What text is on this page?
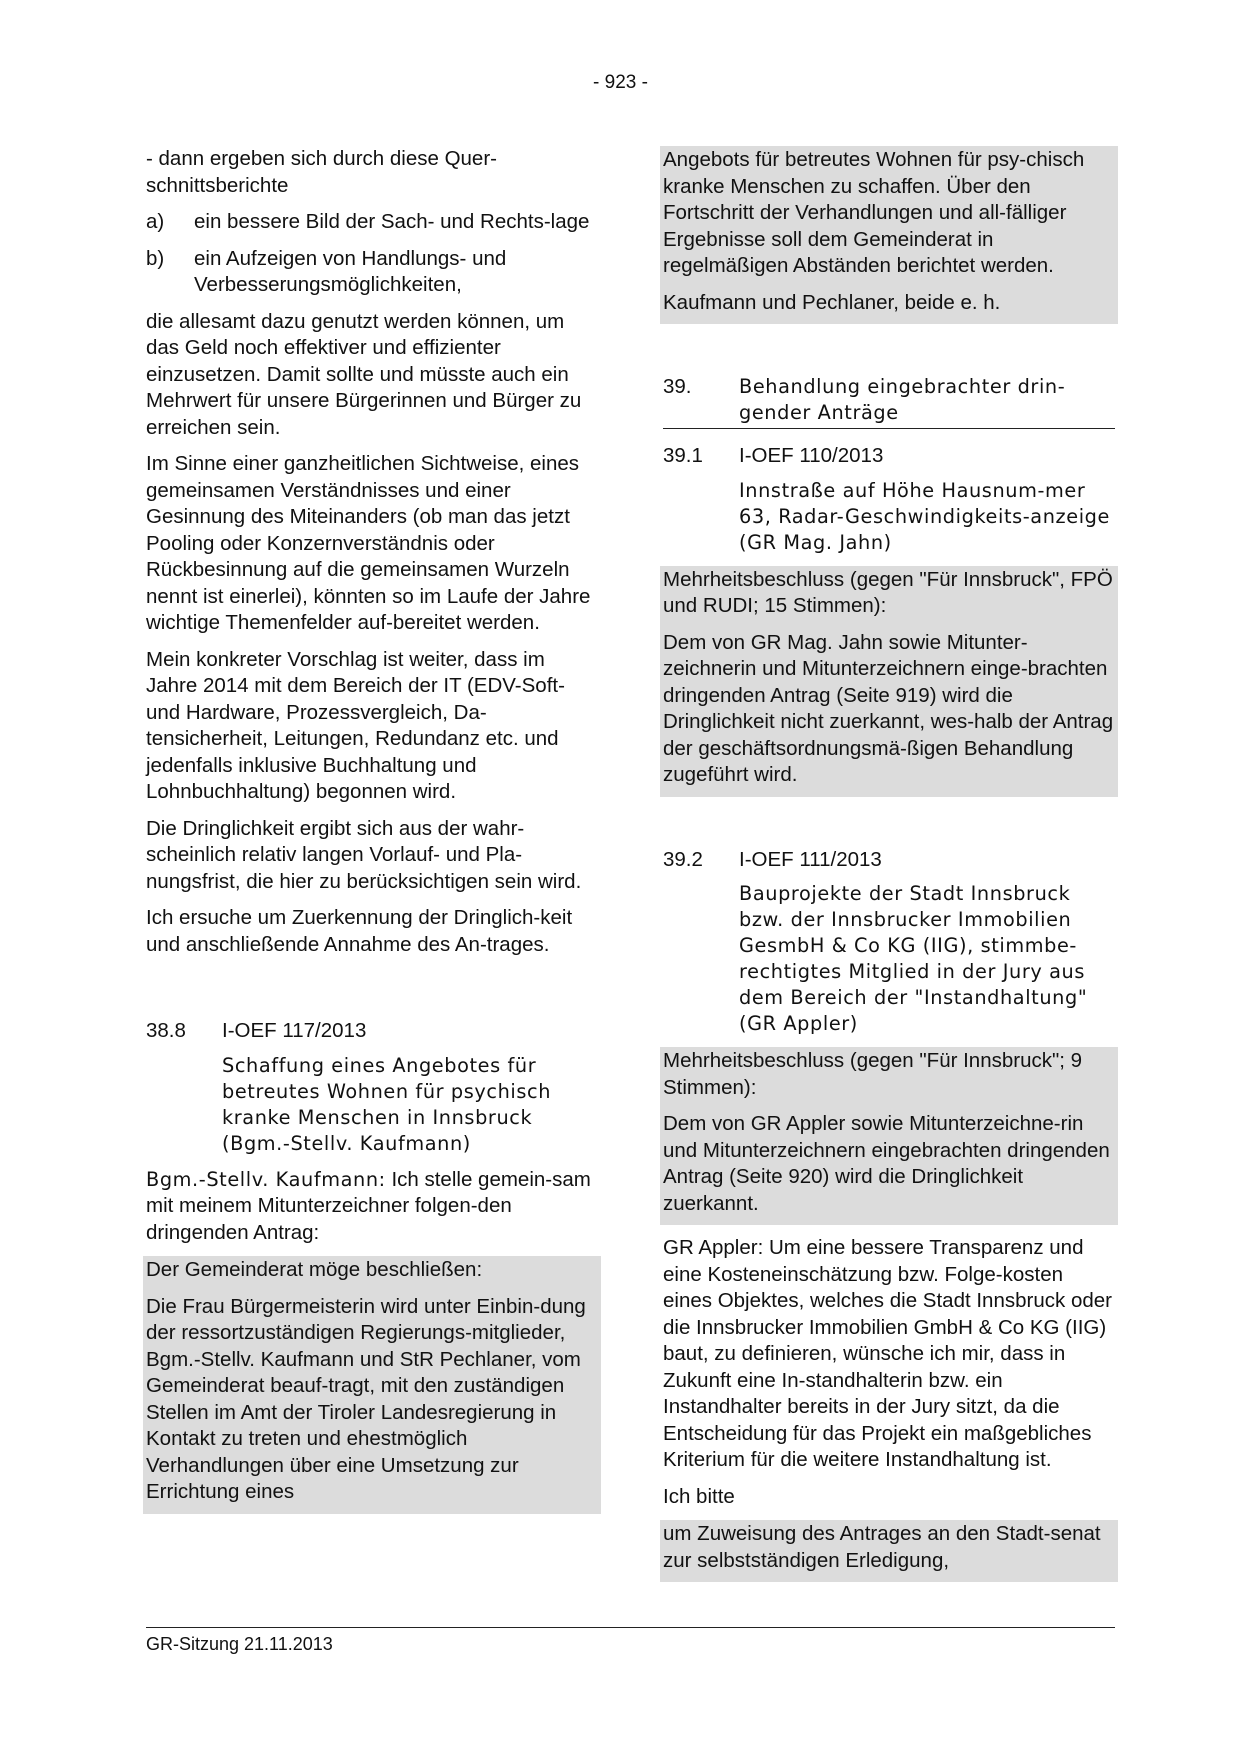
- 923 -

- dann ergeben sich durch diese Quer-schnittsberichte

a)	ein bessere Bild der Sach- und Rechts-lage
b)	ein Aufzeigen von Handlungs- und Verbesserungsmöglichkeiten,

die allesamt dazu genutzt werden können, um das Geld noch effektiver und effizienter einzusetzen. Damit sollte und müsste auch ein Mehrwert für unsere Bürgerinnen und Bürger zu erreichen sein.

Im Sinne einer ganzheitlichen Sichtweise, eines gemeinsamen Verständnisses und einer Gesinnung des Miteinanders (ob man das jetzt Pooling oder Konzernverständnis oder Rückbesinnung auf die gemeinsamen Wurzeln nennt ist einerlei), könnten so im Laufe der Jahre wichtige Themenfelder auf-bereitet werden.

Mein konkreter Vorschlag ist weiter, dass im Jahre 2014 mit dem Bereich der IT (EDV-Soft- und Hardware, Prozessvergleich, Da-tensicherheit, Leitungen, Redundanz etc. und jedenfalls inklusive Buchhaltung und Lohnbuchhaltung) begonnen wird.

Die Dringlichkeit ergibt sich aus der wahr-scheinlich relativ langen Vorlauf- und Pla-nungsfrist, die hier zu berücksichtigen sein wird.

Ich ersuche um Zuerkennung der Dringlich-keit und anschließende Annahme des An-trages.

38.8	I-OEF 117/2013

Schaffung eines Angebotes für betreutes Wohnen für psychisch kranke Menschen in Innsbruck (Bgm.-Stellv. Kaufmann)

Bgm.-Stellv. Kaufmann: Ich stelle gemein-sam mit meinem Mitunterzeichner folgen-den dringenden Antrag:

Der Gemeinderat möge beschließen:

Die Frau Bürgermeisterin wird unter Einbin-dung der ressortzuständigen Regierungs-mitglieder, Bgm.-Stellv. Kaufmann und StR Pechlaner, vom Gemeinderat beauf-tragt, mit den zuständigen Stellen im Amt der Tiroler Landesregierung in Kontakt zu treten und ehestmöglich Verhandlungen über eine Umsetzung zur Errichtung eines

Angebots für betreutes Wohnen für psy-chisch kranke Menschen zu schaffen. Über den Fortschritt der Verhandlungen und all-fälliger Ergebnisse soll dem Gemeinderat in regelmäßigen Abständen berichtet werden.

Kaufmann und Pechlaner, beide e. h.

39.	Behandlung eingebrachter drin-gender Anträge
39.1	I-OEF 110/2013

Innstraße auf Höhe Hausnum-mer 63, Radar-Geschwindigkeits-anzeige (GR Mag. Jahn)

Mehrheitsbeschluss (gegen "Für Innsbruck", FPÖ und RUDI; 15 Stimmen):

Dem von GR Mag. Jahn sowie Mitunter-zeichnerin und Mitunterzeichnern einge-brachten dringenden Antrag (Seite 919) wird die Dringlichkeit nicht zuerkannt, wes-halb der Antrag der geschäftsordnungsmä-ßigen Behandlung zugeführt wird.

39.2	I-OEF 111/2013

Bauprojekte der Stadt Innsbruck bzw. der Innsbrucker Immobilien GesmbH & Co KG (IIG), stimmbe-rechtigtes Mitglied in der Jury aus dem Bereich der "Instandhaltung" (GR Appler)

Mehrheitsbeschluss (gegen "Für Innsbruck"; 9 Stimmen):

Dem von GR Appler sowie Mitunterzeichne-rin und Mitunterzeichnern eingebrachten dringenden Antrag (Seite 920) wird die Dringlichkeit zuerkannt.

GR Appler: Um eine bessere Transparenz und eine Kosteneinschätzung bzw. Folge-kosten eines Objektes, welches die Stadt Innsbruck oder die Innsbrucker Immobilien GmbH & Co KG (IIG) baut, zu definieren, wünsche ich mir, dass in Zukunft eine In-standhalterin bzw. ein Instandhalter bereits in der Jury sitzt, da die Entscheidung für das Projekt ein maßgebliches Kriterium für die weitere Instandhaltung ist.

Ich bitte

um Zuweisung des Antrages an den Stadt-senat zur selbstständigen Erledigung,

GR-Sitzung 21.11.2013
